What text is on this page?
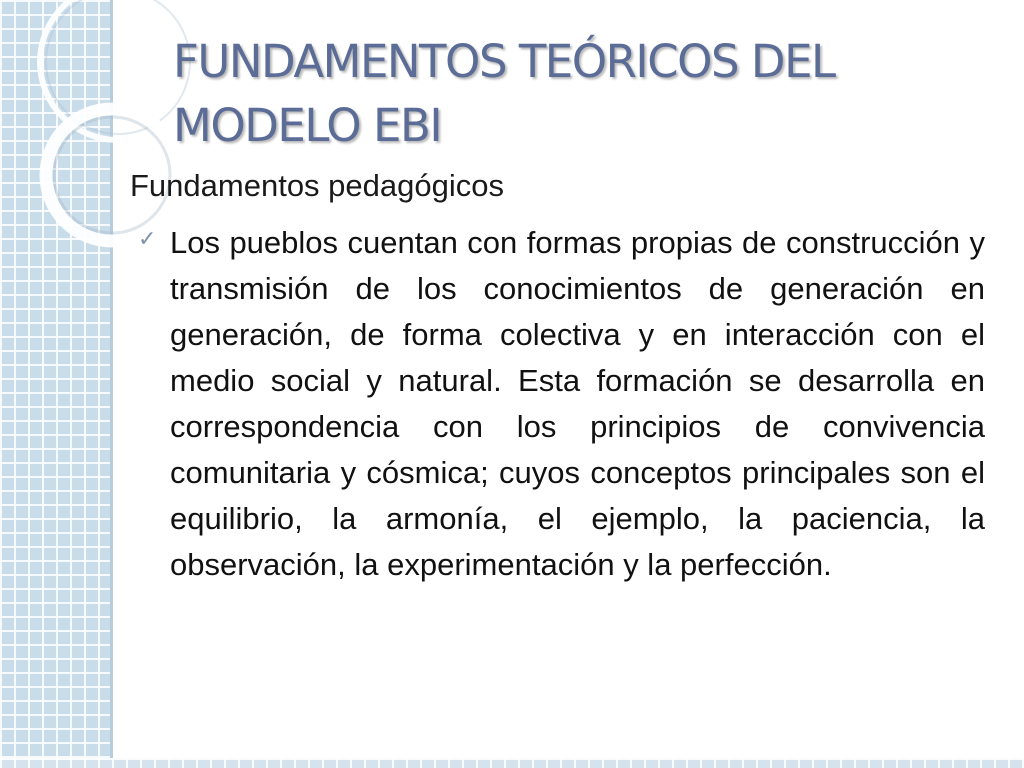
FUNDAMENTOS TEÓRICOS DEL MODELO EBI
Fundamentos pedagógicos
✓ Los pueblos cuentan con formas propias de construcción y transmisión de los conocimientos de generación en generación, de forma colectiva y en interacción con el medio social y natural. Esta formación se desarrolla en correspondencia con los principios de convivencia comunitaria y cósmica; cuyos conceptos principales son el equilibrio, la armonía, el ejemplo, la paciencia, la observación, la experimentación y la perfección.
